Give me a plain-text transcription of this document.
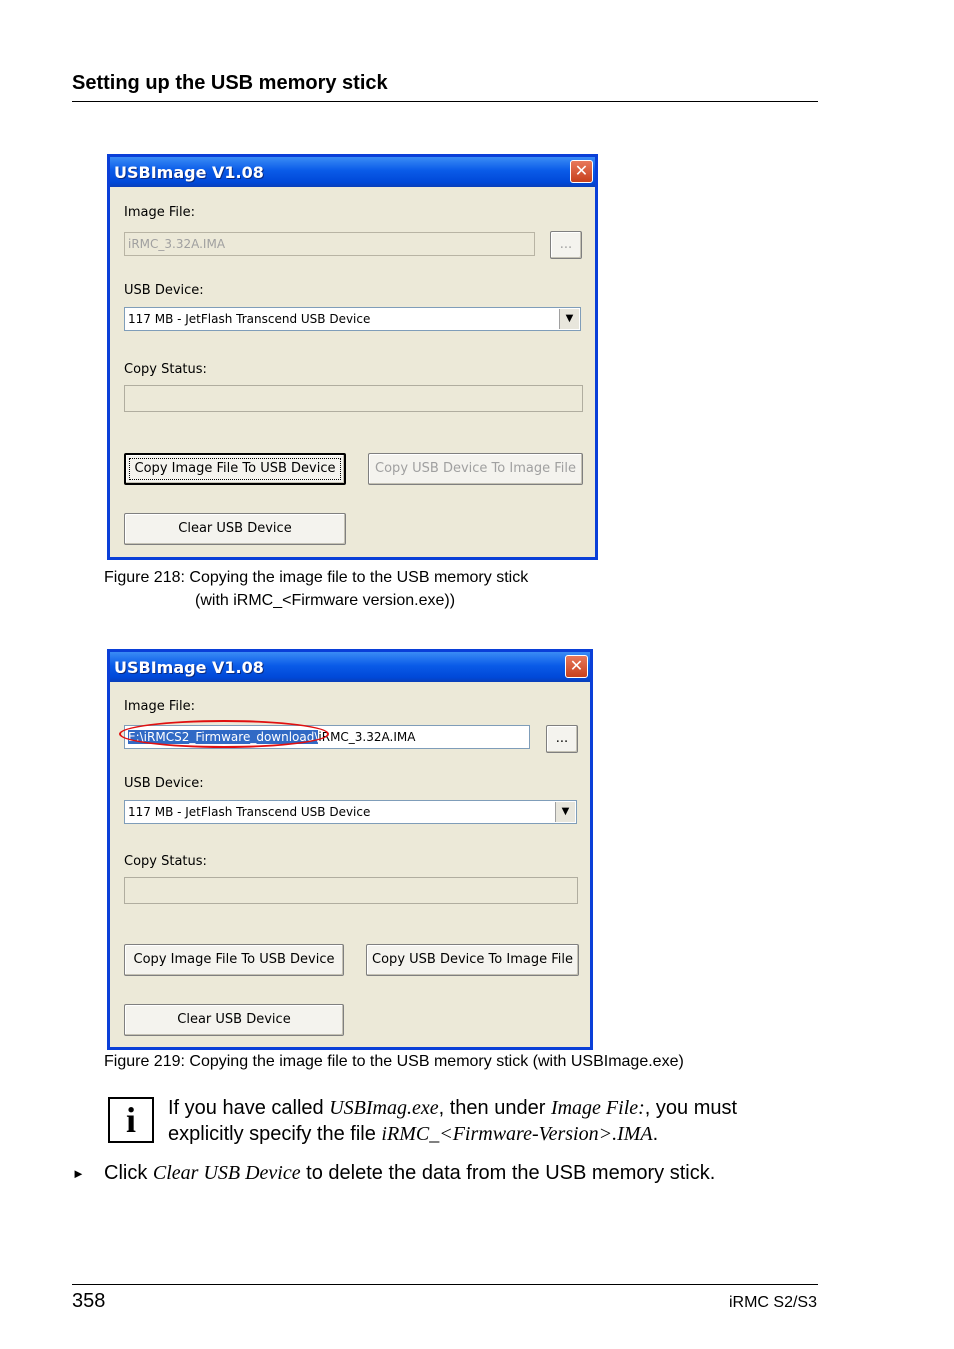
Setting up the USB memory stick
USBImage V1.08	✕
Image File:
iRMC_3.32A.IMA	...
USB Device:
117 MB - JetFlash Transcend USB Device	▼
Copy Status:
Copy Image File To USB Device	Copy USB Device To Image File
Clear USB Device
Figure 218: Copying the image file to the USB memory stick
(with iRMC_<Firmware version.exe))
USBImage V1.08	✕
Image File:
E:\iRMCS2_Firmware_download\iRMC_3.32A.IMA	...
USB Device:
117 MB - JetFlash Transcend USB Device	▼
Copy Status:
Copy Image File To USB Device	Copy USB Device To Image File
Clear USB Device
Figure 219: Copying the image file to the USB memory stick (with USBImage.exe)
i	If you have called USBImag.exe, then under Image File:, you must
explicitly specify the file iRMC_<Firmware-Version>.IMA.
► Click Clear USB Device to delete the data from the USB memory stick.
358	iRMC S2/S3
